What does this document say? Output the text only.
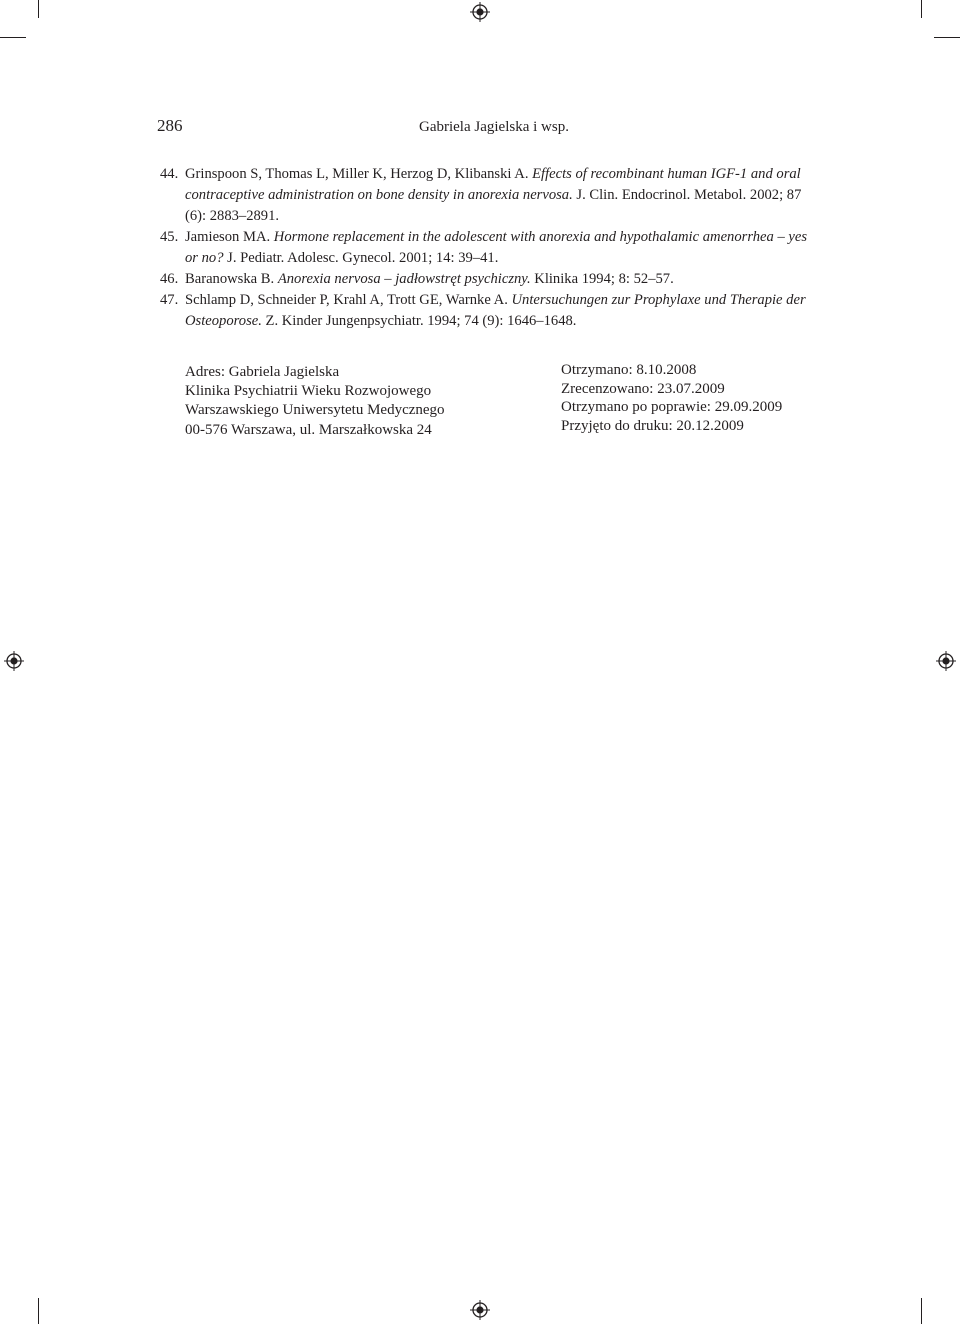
286	Gabriela Jagielska i wsp.
44. Grinspoon S, Thomas L, Miller K, Herzog D, Klibanski A. Effects of recombinant human IGF-1 and oral contraceptive administration on bone density in anorexia nervosa. J. Clin. Endocrinol. Metabol. 2002; 87 (6): 2883–2891.
45. Jamieson MA. Hormone replacement in the adolescent with anorexia and hypothalamic amenorrhea – yes or no? J. Pediatr. Adolesc. Gynecol. 2001; 14: 39–41.
46. Baranowska B. Anorexia nervosa – jadłowstręt psychiczny. Klinika 1994; 8: 52–57.
47. Schlamp D, Schneider P, Krahl A, Trott GE, Warnke A. Untersuchungen zur Prophylaxe und Therapie der Osteoporose. Z. Kinder Jungenpsychiatr. 1994; 74 (9): 1646–1648.
Adres: Gabriela Jagielska
Klinika Psychiatrii Wieku Rozwojowego
Warszawskiego Uniwersytetu Medycznego
00-576 Warszawa, ul. Marszałkowska 24
Otrzymano: 8.10.2008
Zrecenzowano: 23.07.2009
Otrzymano po poprawie: 29.09.2009
Przyjęto do druku: 20.12.2009
